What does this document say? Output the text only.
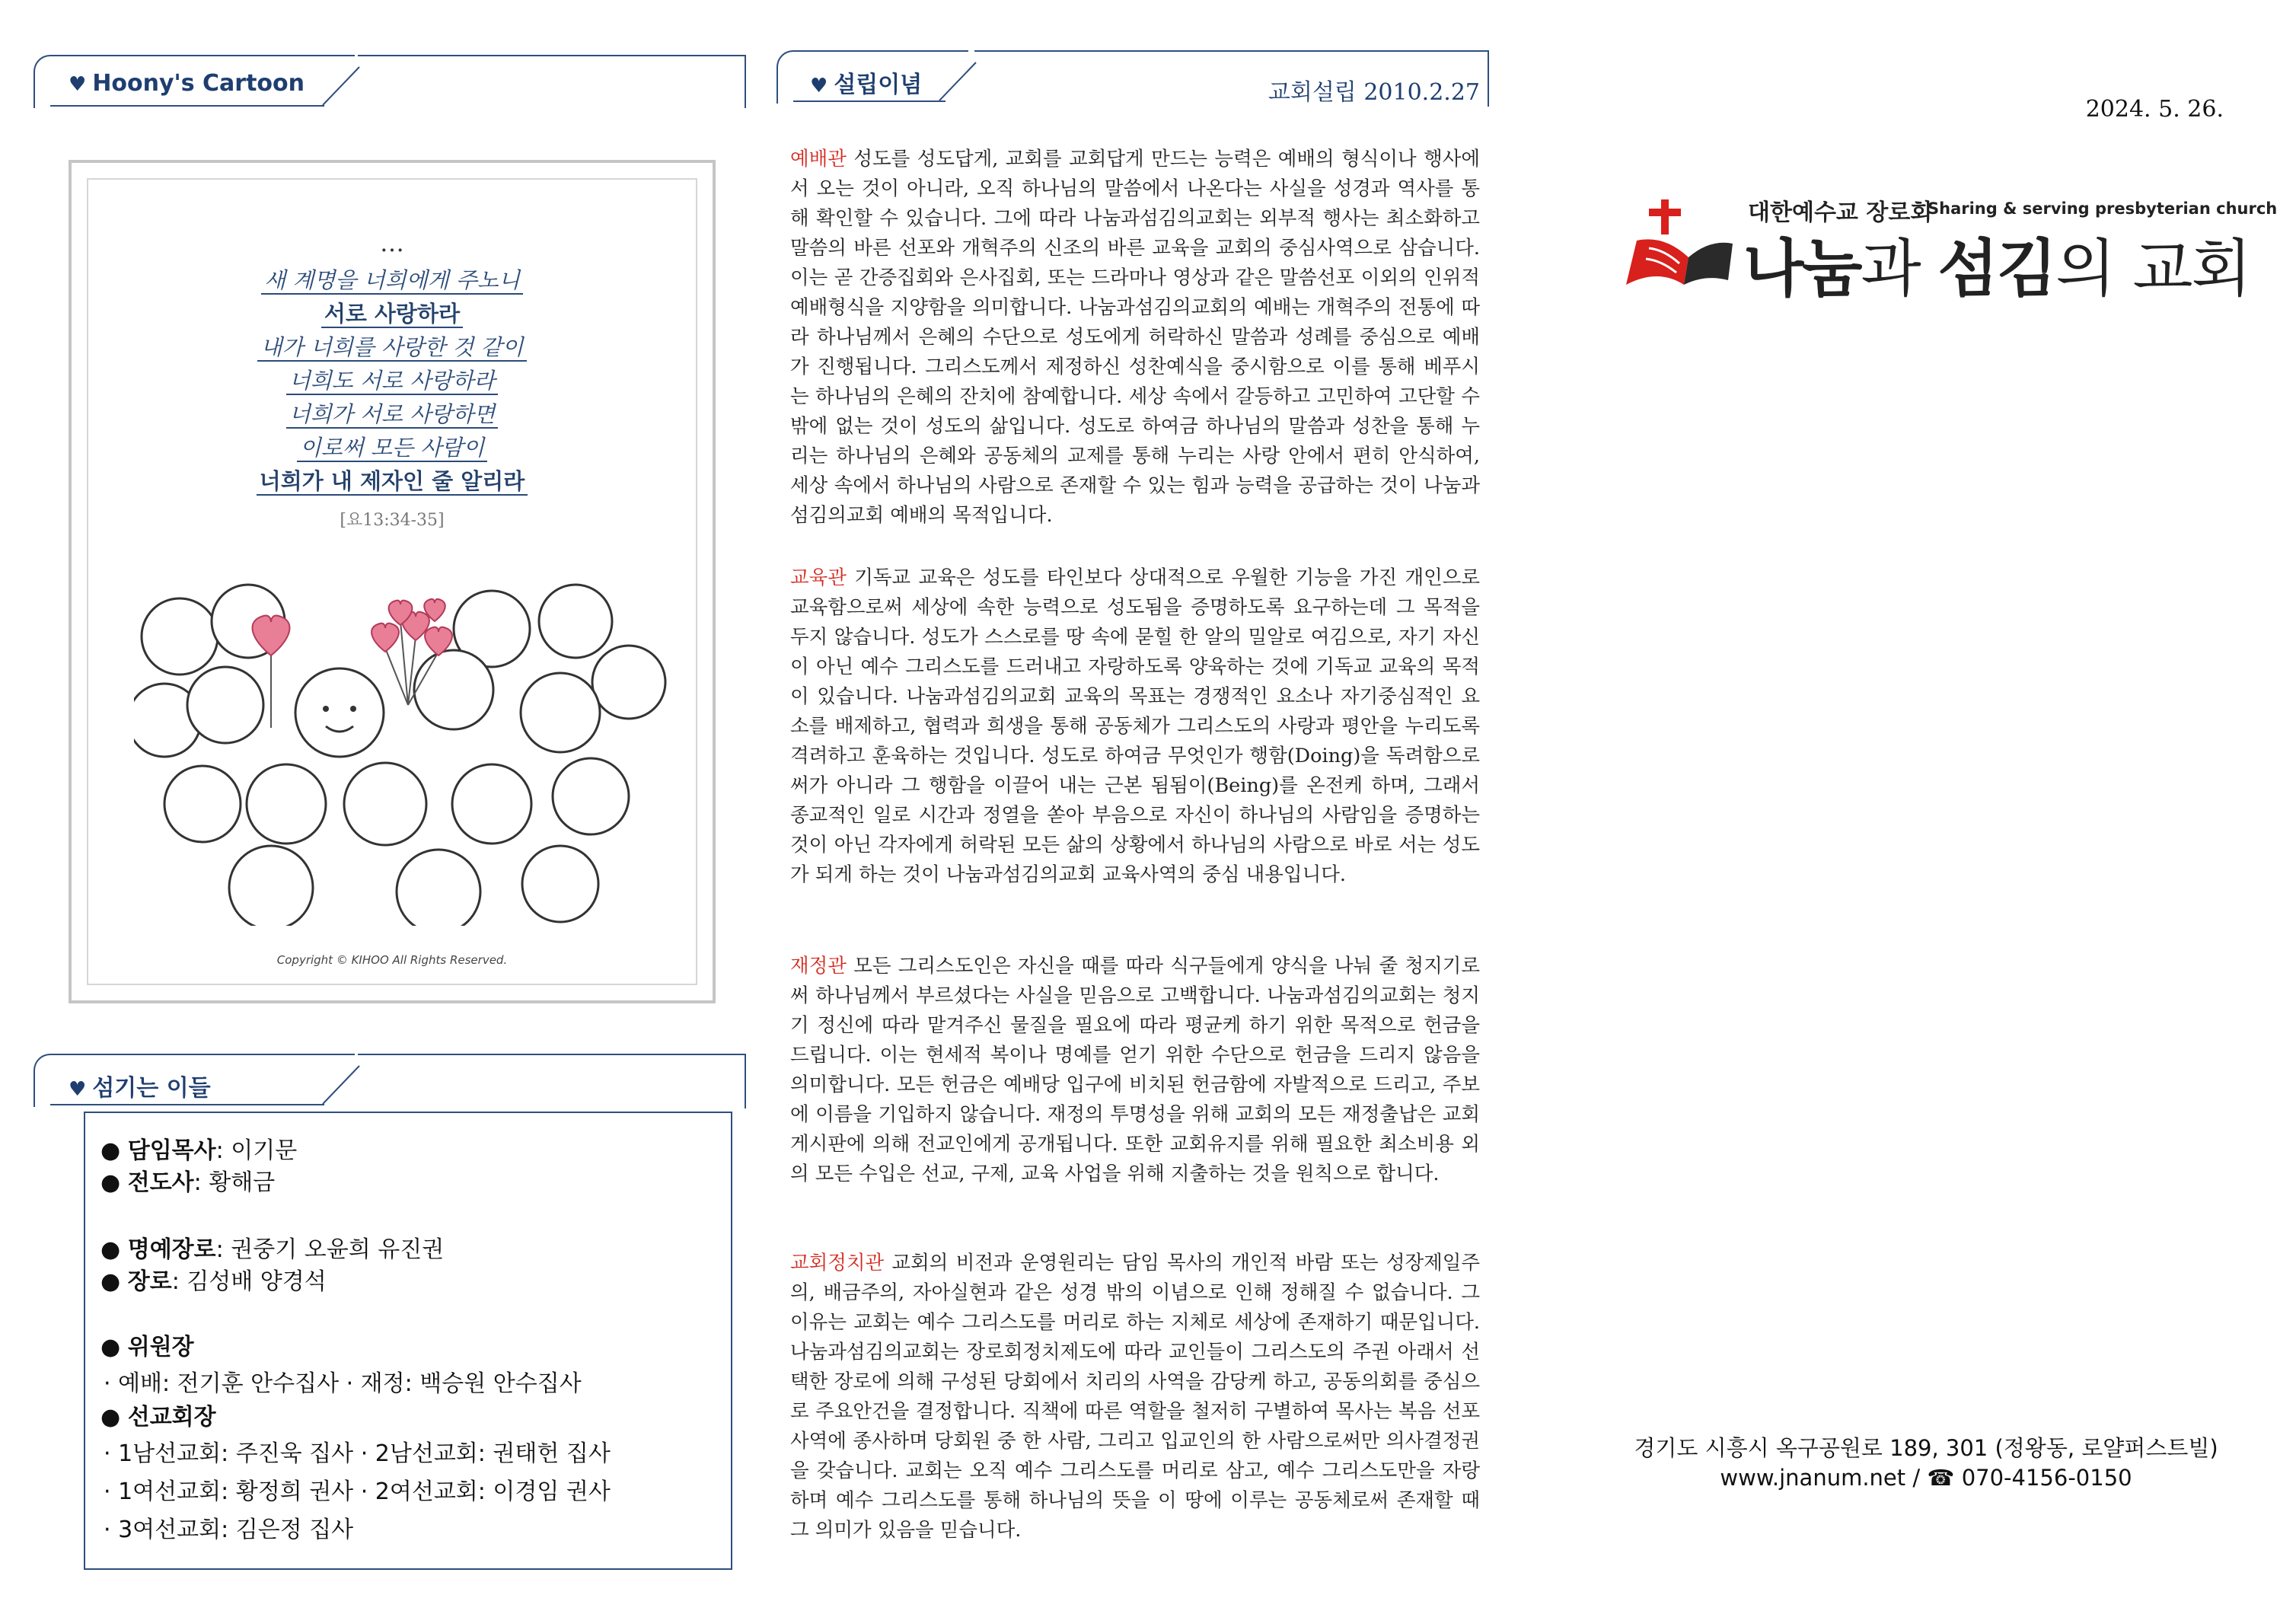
♥ Hoony's Cartoon
…
새 계명을 너희에게 주노니
서로 사랑하라
내가 너희를 사랑한 것 같이
너희도 서로 사랑하라
너희가 서로 사랑하면
이로써 모든 사람이
너희가 내 제자인 줄 알리라
[요13:34-35]
Copyright © KIHOO All Rights Reserved.
♥ 섬기는 이들
● 담임목사: 이기문
● 전도사: 황해금
● 명예장로: 권중기 오윤희 유진권
● 장로: 김성배 양경석
● 위원장
· 예배: 전기훈 안수집사 · 재정: 백승원 안수집사
● 선교회장
· 1남선교회: 주진욱 집사 · 2남선교회: 권태헌 집사
· 1여선교회: 황정희 권사 · 2여선교회: 이경임 권사
· 3여선교회: 김은정 집사
♥ 설립이념	교회설립 2010.2.27
예배관 성도를 성도답게, 교회를 교회답게 만드는 능력은 예배의 형식이나 행사에서 오는 것이 아니라, 오직 하나님의 말씀에서 나온다는 사실을 성경과 역사를 통해 확인할 수 있습니다. 그에 따라 나눔과섬김의교회는 외부적 행사는 최소화하고 말씀의 바른 선포와 개혁주의 신조의 바른 교육을 교회의 중심사역으로 삼습니다. 이는 곧 간증집회와 은사집회, 또는 드라마나 영상과 같은 말씀선포 이외의 인위적 예배형식을 지양함을 의미합니다. 나눔과섬김의교회의 예배는 개혁주의 전통에 따라 하나님께서 은혜의 수단으로 성도에게 허락하신 말씀과 성례를 중심으로 예배가 진행됩니다. 그리스도께서 제정하신 성찬예식을 중시함으로 이를 통해 베푸시는 하나님의 은혜의 잔치에 참예합니다. 세상 속에서 갈등하고 고민하여 고단할 수밖에 없는 것이 성도의 삶입니다. 성도로 하여금 하나님의 말씀과 성찬을 통해 누리는 하나님의 은혜와 공동체의 교제를 통해 누리는 사랑 안에서 편히 안식하여, 세상 속에서 하나님의 사람으로 존재할 수 있는 힘과 능력을 공급하는 것이 나눔과섬김의교회 예배의 목적입니다.
교육관 기독교 교육은 성도를 타인보다 상대적으로 우월한 기능을 가진 개인으로 교육함으로써 세상에 속한 능력으로 성도됨을 증명하도록 요구하는데 그 목적을 두지 않습니다. 성도가 스스로를 땅 속에 묻힐 한 알의 밀알로 여김으로, 자기 자신이 아닌 예수 그리스도를 드러내고 자랑하도록 양육하는 것에 기독교 교육의 목적이 있습니다. 나눔과섬김의교회 교육의 목표는 경쟁적인 요소나 자기중심적인 요소를 배제하고, 협력과 희생을 통해 공동체가 그리스도의 사랑과 평안을 누리도록 격려하고 훈육하는 것입니다. 성도로 하여금 무엇인가 행함(Doing)을 독려함으로써가 아니라 그 행함을 이끌어 내는 근본 됨됨이(Being)를 온전케 하며, 그래서 종교적인 일로 시간과 정열을 쏟아 부음으로 자신이 하나님의 사람임을 증명하는 것이 아닌 각자에게 허락된 모든 삶의 상황에서 하나님의 사람으로 바로 서는 성도가 되게 하는 것이 나눔과섬김의교회 교육사역의 중심 내용입니다.
재정관 모든 그리스도인은 자신을 때를 따라 식구들에게 양식을 나눠 줄 청지기로써 하나님께서 부르셨다는 사실을 믿음으로 고백합니다. 나눔과섬김의교회는 청지기 정신에 따라 맡겨주신 물질을 필요에 따라 평균케 하기 위한 목적으로 헌금을 드립니다. 이는 현세적 복이나 명예를 얻기 위한 수단으로 헌금을 드리지 않음을 의미합니다. 모든 헌금은 예배당 입구에 비치된 헌금함에 자발적으로 드리고, 주보에 이름을 기입하지 않습니다. 재정의 투명성을 위해 교회의 모든 재정출납은 교회 게시판에 의해 전교인에게 공개됩니다. 또한 교회유지를 위해 필요한 최소비용 외의 모든 수입은 선교, 구제, 교육 사업을 위해 지출하는 것을 원칙으로 합니다.
교회정치관 교회의 비전과 운영원리는 담임 목사의 개인적 바람 또는 성장제일주의, 배금주의, 자아실현과 같은 성경 밖의 이념으로 인해 정해질 수 없습니다. 그 이유는 교회는 예수 그리스도를 머리로 하는 지체로 세상에 존재하기 때문입니다. 나눔과섬김의교회는 장로회정치제도에 따라 교인들이 그리스도의 주권 아래서 선택한 장로에 의해 구성된 당회에서 치리의 사역을 감당케 하고, 공동의회를 중심으로 주요안건을 결정합니다. 직책에 따른 역할을 철저히 구별하여 목사는 복음 선포 사역에 종사하며 당회원 중 한 사람, 그리고 입교인의 한 사람으로써만 의사결정권을 갖습니다. 교회는 오직 예수 그리스도를 머리로 삼고, 예수 그리스도만을 자랑하며 예수 그리스도를 통해 하나님의 뜻을 이 땅에 이루는 공동체로써 존재할 때 그 의미가 있음을 믿습니다.
2024. 5. 26.
대한예수교 장로회
Sharing & serving presbyterian church
나눔과 섬김의 교회
경기도 시흥시 옥구공원로 189, 301 (정왕동, 로얄퍼스트빌)
www.jnanum.net / ☎ 070-4156-0150
